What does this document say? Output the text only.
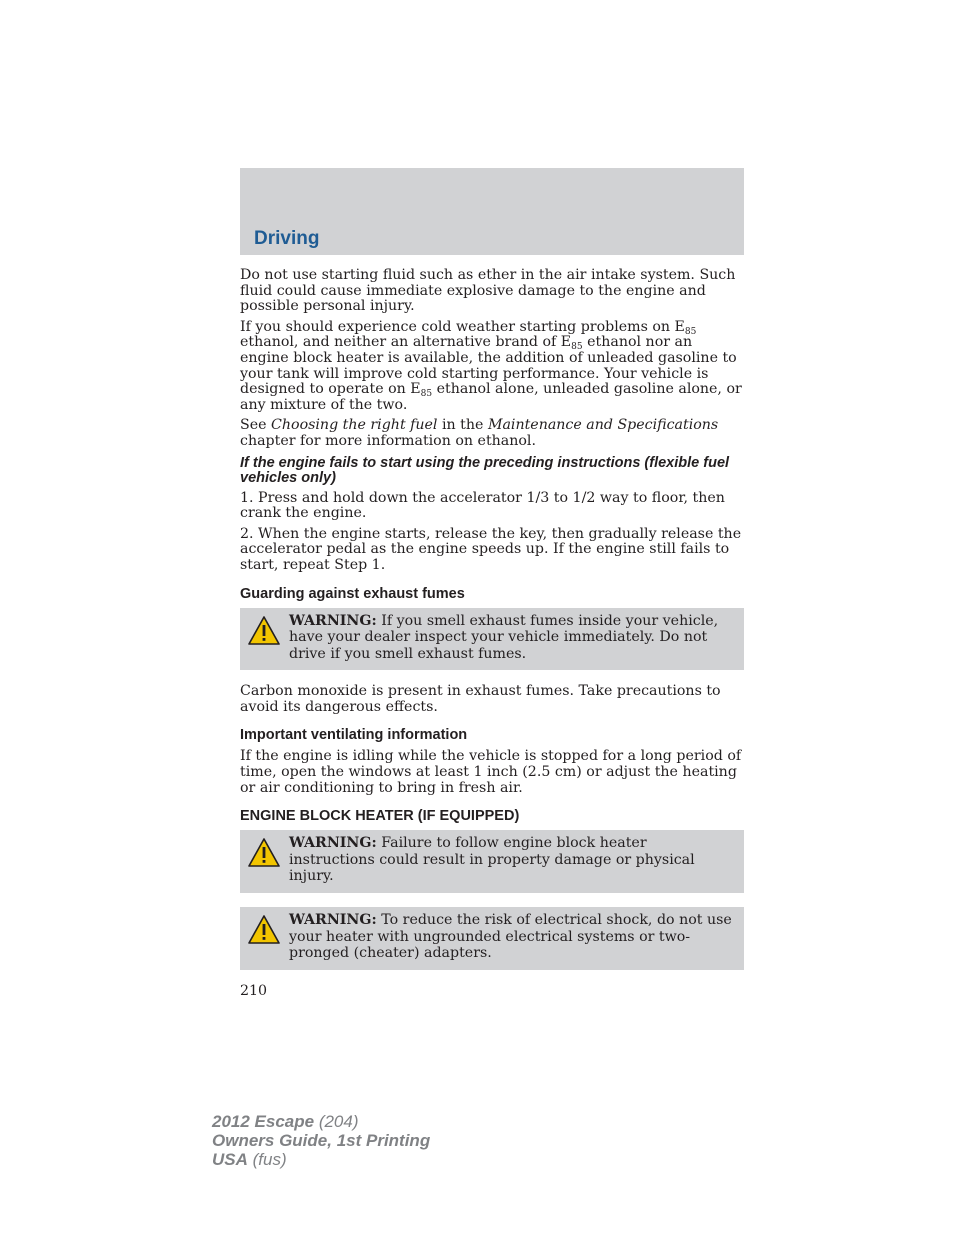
Driving

Do not use starting fluid such as ether in the air intake system. Such fluid could cause immediate explosive damage to the engine and possible personal injury.

If you should experience cold weather starting problems on $E_{85}$ ethanol, and neither an alternative brand of $E_{85}$ ethanol nor an engine block heater is available, the addition of unleaded gasoline to your tank will improve cold starting performance. Your vehicle is designed to operate on $E_{85}$ ethanol alone, unleaded gasoline alone, or any mixture of the two.

See Choosing the right fuel in the Maintenance and Specifications chapter for more information on ethanol.

If the engine fails to start using the preceding instructions (flexible fuel vehicles only)

1. Press and hold down the accelerator 1/3 to 1/2 way to floor, then crank the engine.

2. When the engine starts, release the key, then gradually release the accelerator pedal as the engine speeds up. If the engine still fails to start, repeat Step 1.

Guarding against exhaust fumes
WARNING: If you smell exhaust fumes inside your vehicle, have your dealer inspect your vehicle immediately. Do not drive if you smell exhaust fumes.

Carbon monoxide is present in exhaust fumes. Take precautions to avoid its dangerous effects.

Important ventilating information

If the engine is idling while the vehicle is stopped for a long period of time, open the windows at least 1 inch (2.5 cm) or adjust the heating or air conditioning to bring in fresh air.

ENGINE BLOCK HEATER (IF EQUIPPED)
WARNING: Failure to follow engine block heater instructions could result in property damage or physical injury.
WARNING: To reduce the risk of electrical shock, do not use your heater with ungrounded electrical systems or two-pronged (cheater) adapters.
210
2012 Escape (204)
Owners Guide, 1st Printing
USA (fus)
